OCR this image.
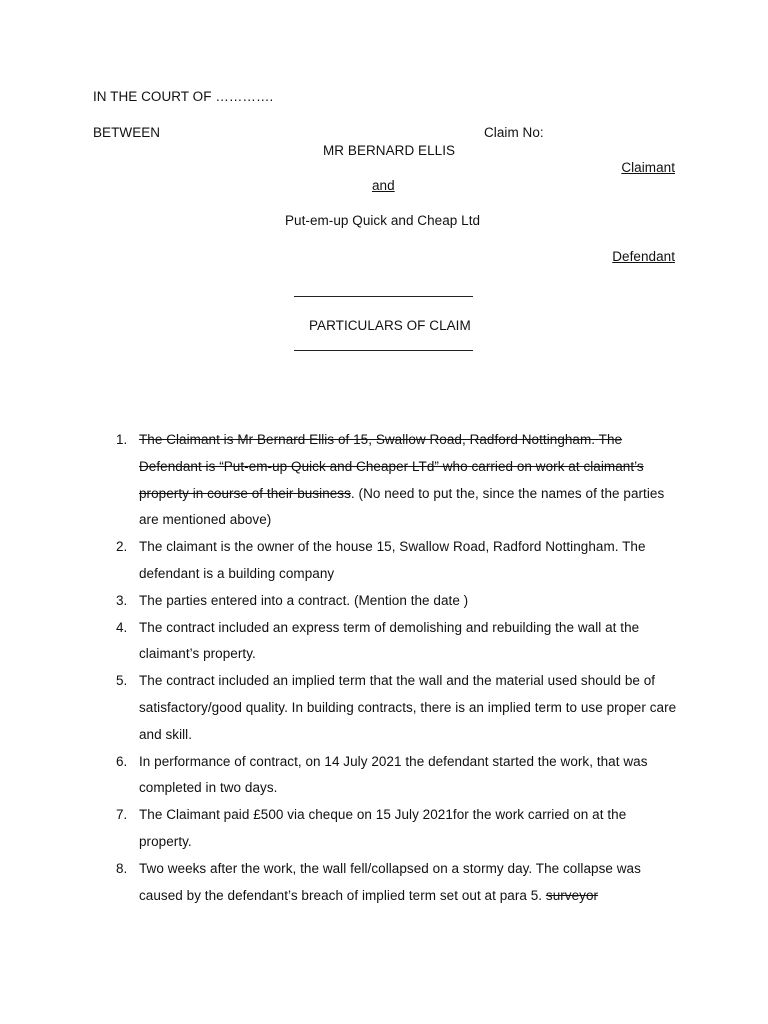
IN THE COURT OF ………….
BETWEEN	Claim No:
MR BERNARD ELLIS
Claimant
and
Put-em-up Quick and Cheap Ltd
Defendant
PARTICULARS OF CLAIM
1. The Claimant is Mr Bernard Ellis of 15, Swallow Road, Radford Nottingham. The Defendant is “Put-em-up Quick and Cheaper LTd” who carried on work at claimant’s property in course of their business. (No need to put the, since the names of the parties are mentioned above)
2. The claimant is the owner of the house 15, Swallow Road, Radford Nottingham. The defendant is a building company
3. The parties entered into a contract. (Mention the date )
4. The contract included an express term of demolishing and rebuilding the wall at the claimant’s property.
5. The contract included an implied term that the wall and the material used should be of satisfactory/good quality. In building contracts, there is an implied term to use proper care and skill.
6. In performance of contract, on 14 July 2021 the defendant started the work, that was completed in two days.
7. The Claimant paid £500 via cheque on 15 July 2021for the work carried on at the property.
8. Two weeks after the work, the wall fell/collapsed on a stormy day. The collapse was caused by the defendant’s breach of implied term set out at para 5. surveyor
